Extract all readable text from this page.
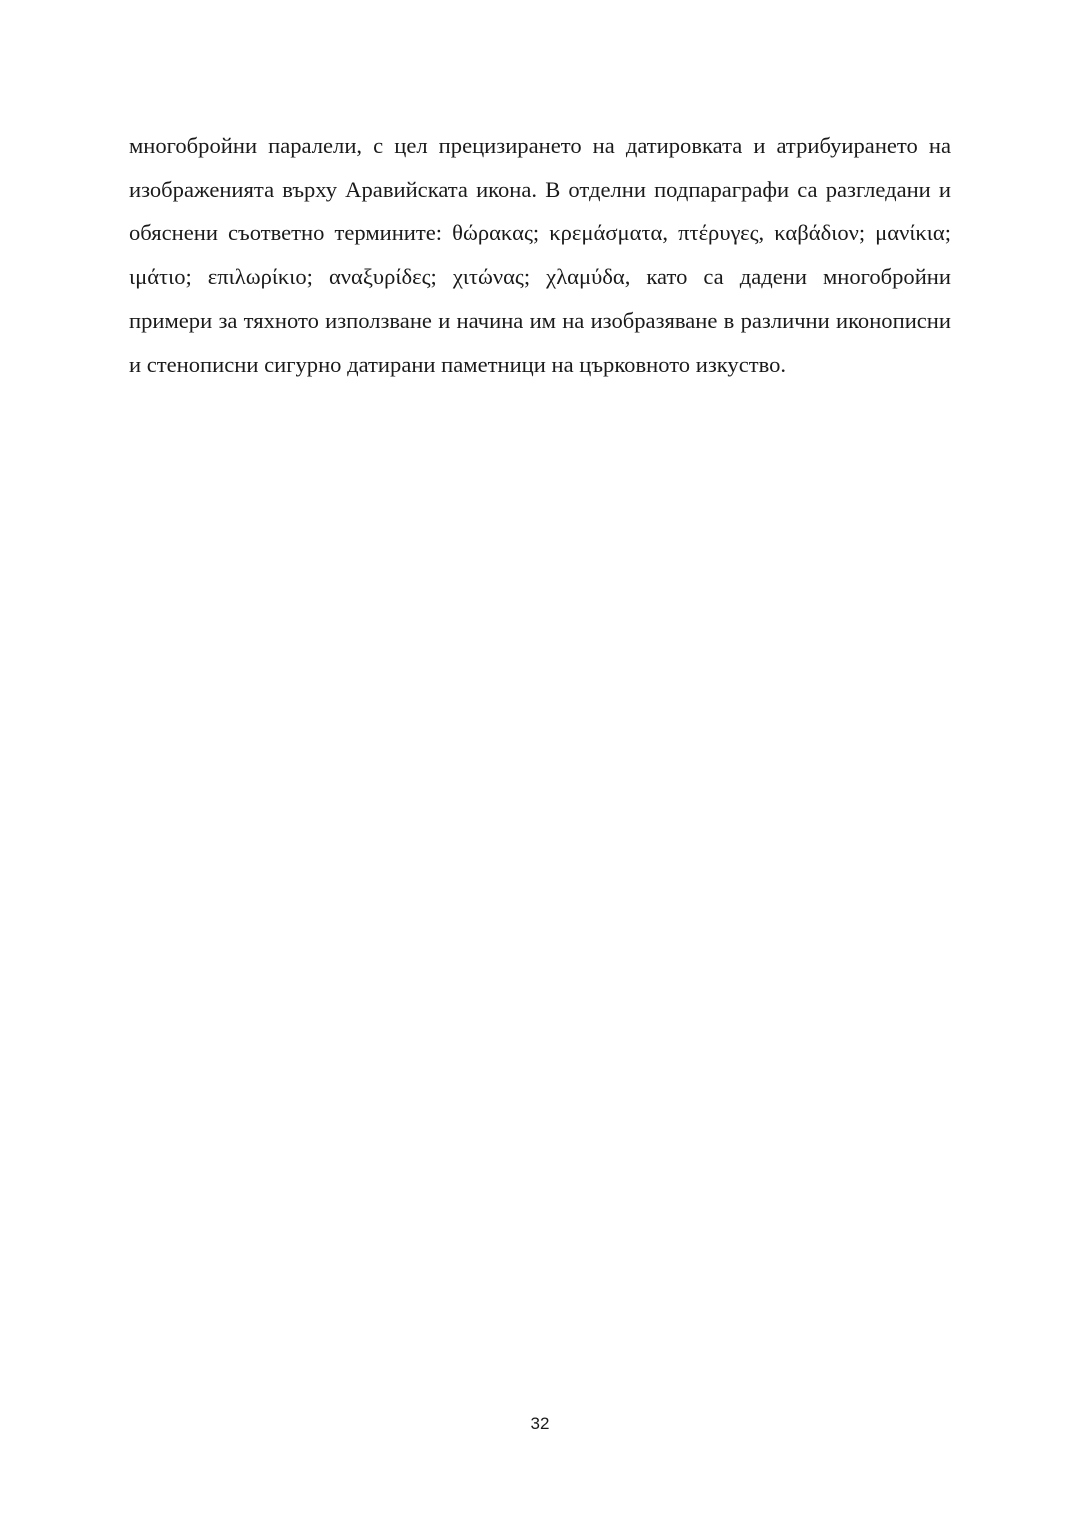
многобройни паралели, с цел прецизирането на датировката и атрибуирането на изображенията върху Аравийската икона. В отделни подпараграфи са разгледани и обяснени съответно термините: θώρακας; κρεμάσματα, πτέρυγες, καβάδιον; μανίκια; ιμάτιο; επιλωρίκιο; αναξυρίδες; χιτώνας; χλαμύδα, като са дадени многобройни примери за тяхното използване и начина им на изобразяване в различни иконописни и стенописни сигурно датирани паметници на църковното изкуство.

32
